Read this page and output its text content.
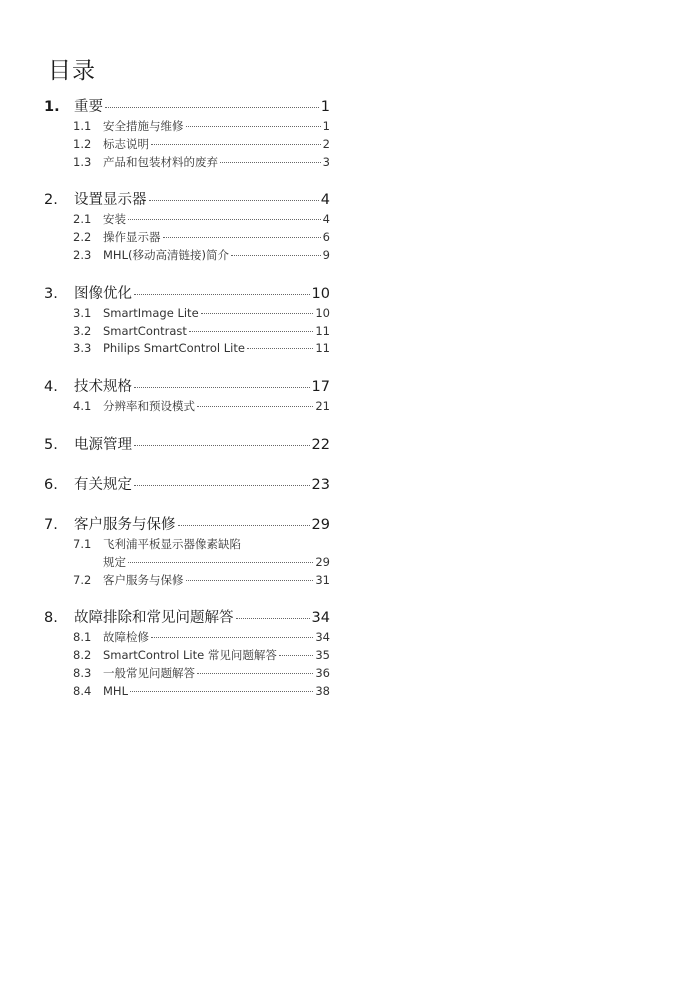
目录
1. 重要	1
1.1	安全措施与维修	1
1.2	标志说明	2
1.3	产品和包装材料的废弃	3
2.	设置显示器	4
2.1	安装	4
2.2	操作显示器	6
2.3	MHL(移动高清链接)简介	9
3.	图像优化	10
3.1	SmartImage Lite	10
3.2	SmartContrast	11
3.3	Philips SmartControl Lite	11
4.	技术规格	17
4.1	分辨率和预设模式	21
5.	电源管理	22
6.	有关规定	23
7.	客户服务与保修	29
7.1	飞利浦平板显示器像素缺陷
规定	29
7.2	客户服务与保修	31
8.	故障排除和常见问题解答	34
8.1	故障检修	34
8.2	SmartControl Lite 常见问题解答	35
8.3	一般常见问题解答	36
8.4	MHL	38
